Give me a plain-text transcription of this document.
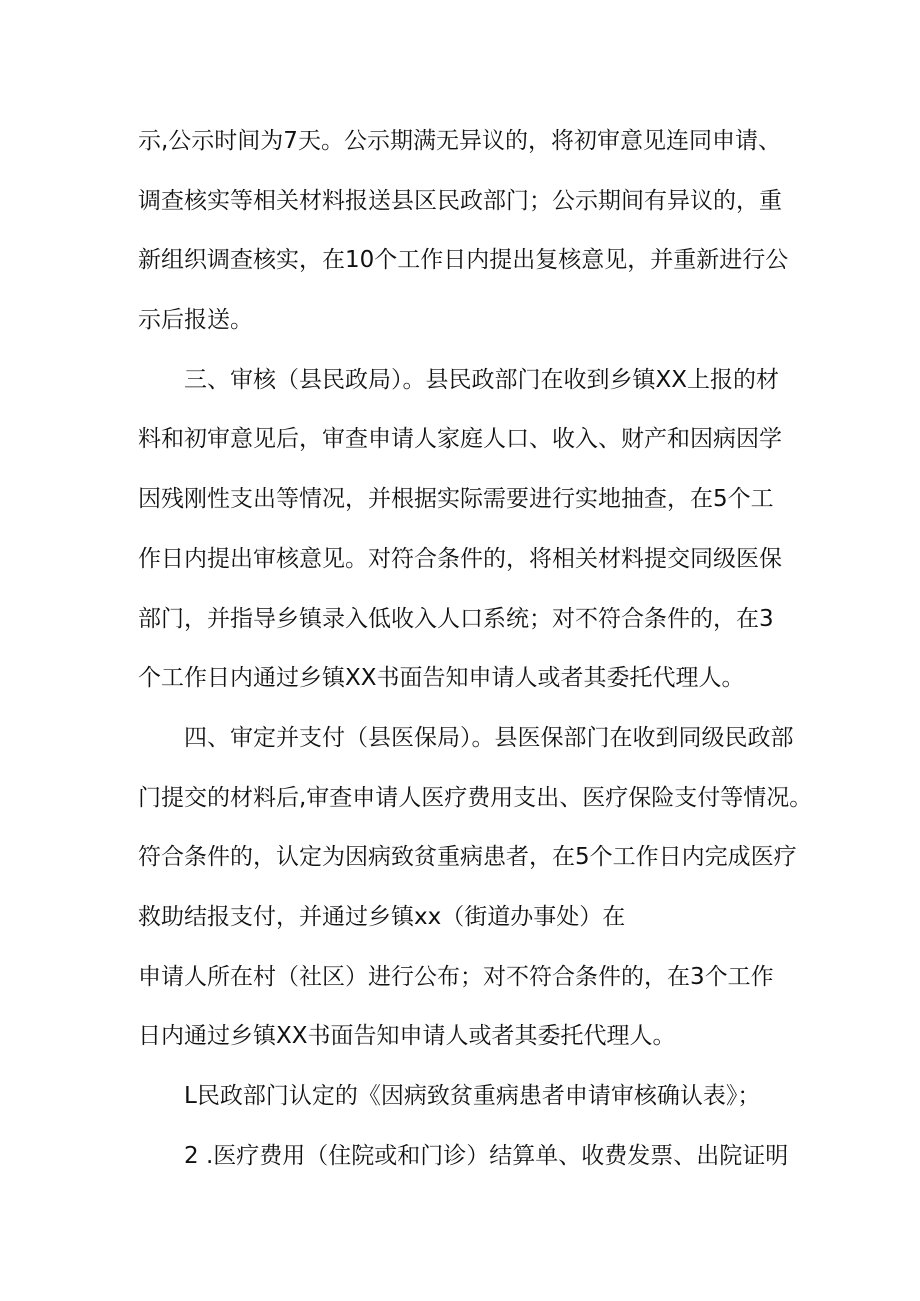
示,公示时间为7天。公示期满无异议的，将初审意见连同申请、

调查核实等相关材料报送县区民政部门；公示期间有异议的，重

新组织调查核实，在10个工作日内提出复核意见，并重新进行公

示后报送。

三、审核（县民政局）。县民政部门在收到乡镇XX上报的材

料和初审意见后，审查申请人家庭人口、收入、财产和因病因学

因残刚性支出等情况，并根据实际需要进行实地抽查，在5个工

作日内提出审核意见。对符合条件的，将相关材料提交同级医保

部门，并指导乡镇录入低收入人口系统；对不符合条件的，在3

个工作日内通过乡镇XX书面告知申请人或者其委托代理人。

四、审定并支付（县医保局）。县医保部门在收到同级民政部

门提交的材料后,审查申请人医疗费用支出、医疗保险支付等情况。

符合条件的，认定为因病致贫重病患者，在5个工作日内完成医疗

救助结报支付，并通过乡镇xx（街道办事处）在

申请人所在村（社区）进行公布；对不符合条件的，在3个工作

日内通过乡镇XX书面告知申请人或者其委托代理人。

L民政部门认定的《因病致贫重病患者申请审核确认表》；

2 .医疗费用（住院或和门诊）结算单、收费发票、出院证明
